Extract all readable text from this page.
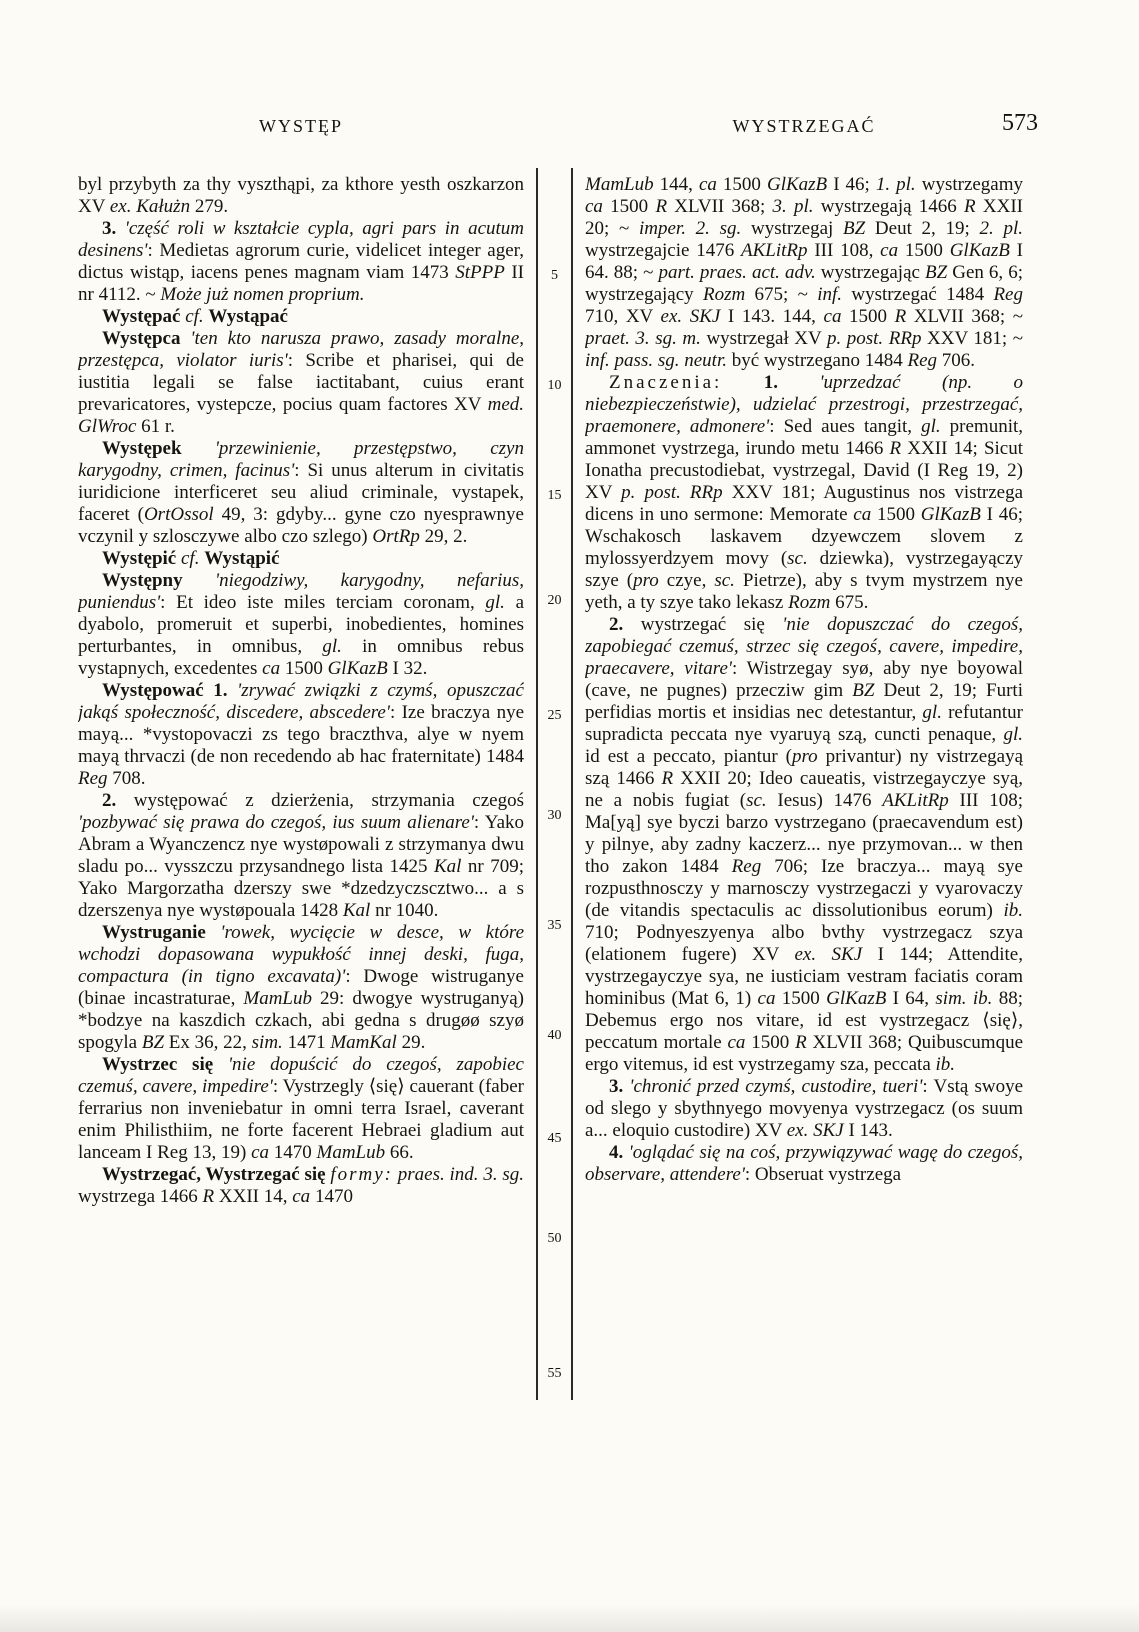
WYSTĘP	WYSTRZEGAĆ	573

byl przybyth za thy vyszthąpi, za kthore yesth oszkarzon XV ex. Kałużn 279.

3. 'część roli w kształcie cypla, agri pars in acutum desinens': Medietas agrorum curie, videlicet integer ager, dictus wistąp, iacens penes magnam viam 1473 StPPP II nr 4112. ~ Może już nomen proprium.

Występać cf. Wystąpać

Występca 'ten kto narusza prawo, zasady moralne, przestępca, violator iuris': Scribe et pharisei, qui de iustitia legali se false iactitabant, cuius erant prevaricatores, vystepcze, pocius quam factores XV med. GlWroc 61 r.

Występek 'przewinienie, przestępstwo, czyn karygodny, crimen, facinus': Si unus alterum in civitatis iuridicione interficeret seu aliud criminale, vystapek, faceret (OrtOssol 49, 3: gdyby... gyne czo nyesprawnye vczynil y szlosczywe albo czo szlego) OrtRp 29, 2.

Występić cf. Wystąpić

Występny 'niegodziwy, karygodny, nefarius, puniendus': Et ideo iste miles terciam coronam, gl. a dyabolo, promeruit et superbi, inobedientes, homines perturbantes, in omnibus, gl. in omnibus rebus vystapnych, excedentes ca 1500 GlKazB I 32.

Występować 1. 'zrywać związki z czymś, opuszczać jakąś społeczność, discedere, abscedere': Ize braczya nye mayą... *vystopovaczi zs tego braczthva, alye w nyem mayą thrvaczi (de non recedendo ab hac fraternitate) 1484 Reg 708.

2. występować z dzierżenia, strzymania czegoś 'pozbywać się prawa do czegoś, ius suum alienare': Yako Abram a Wyanczencz nye wystøpowali z strzymanya dwu sladu po... vysszczu przysandnego lista 1425 Kal nr 709; Yako Margorzatha dzerszy swe *dzedzyczscztwo... a s dzerszenya nye wystøpouala 1428 Kal nr 1040.

Wystruganie 'rowek, wycięcie w desce, w które wchodzi dopasowana wypukłość innej deski, fuga, compactura (in tigno excavata)': Dwoge wistruganye (binae incastraturae, MamLub 29: dwogye wystruganyą) *bodzye na kaszdich czkach, abi gedna s drugøø szyø spogyla BZ Ex 36, 22, sim. 1471 MamKal 29.

Wystrzec się 'nie dopuścić do czegoś, zapobiec czemuś, cavere, impedire': Vystrzegly ⟨się⟩ cauerant (faber ferrarius non inveniebatur in omni terra Israel, caverant enim Philisthiim, ne forte facerent Hebraei gladium aut lanceam I Reg 13, 19) ca 1470 MamLub 66.

Wystrzegać, Wystrzegać się formy: praes. ind. 3. sg. wystrzega 1466 R XXII 14, ca 1470

5
10
15
20
25
30
35
40
45
50
55

MamLub 144, ca 1500 GlKazB I 46; 1. pl. wystrzegamy ca 1500 R XLVII 368; 3. pl. wystrzegają 1466 R XXII 20; ~ imper. 2. sg. wystrzegaj BZ Deut 2, 19; 2. pl. wystrzegajcie 1476 AKLitRp III 108, ca 1500 GlKazB I 64. 88; ~ part. praes. act. adv. wystrzegając BZ Gen 6, 6; wystrzegający Rozm 675; ~ inf. wystrzegać 1484 Reg 710, XV ex. SKJ I 143. 144, ca 1500 R XLVII 368; ~ praet. 3. sg. m. wystrzegał XV p. post. RRp XXV 181; ~ inf. pass. sg. neutr. być wystrzegano 1484 Reg 706.

Znaczenia: 1. 'uprzedzać (np. o niebezpieczeństwie), udzielać przestrogi, przestrzegać, praemonere, admonere': Sed aues tangit, gl. premunit, ammonet vystrzega, irundo metu 1466 R XXII 14; Sicut Ionatha precustodiebat, vystrzegal, David (I Reg 19, 2) XV p. post. RRp XXV 181; Augustinus nos vistrzega dicens in uno sermone: Memorate ca 1500 GlKazB I 46; Wschakosch laskavem dzyewczem slovem z mylossyerdzyem movy (sc. dziewka), vystrzegayączy szye (pro czye, sc. Pietrze), aby s tvym mystrzem nye yeth, a ty szye tako lekasz Rozm 675.

2. wystrzegać się 'nie dopuszczać do czegoś, zapobiegać czemuś, strzec się czegoś, cavere, impedire, praecavere, vitare': Wistrzegay syø, aby nye boyowal (cave, ne pugnes) przecziw gim BZ Deut 2, 19; Furti perfidias mortis et insidias nec detestantur, gl. refutantur supradicta peccata nye vyaruyą szą, cuncti penaque, gl. id est a peccato, piantur (pro privantur) ny vistrzegayą szą 1466 R XXII 20; Ideo caueatis, vistrzegayczye syą, ne a nobis fugiat (sc. Iesus) 1476 AKLitRp III 108; Ma[yą] sye byczi barzo vystrzegano (praecavendum est) y pilnye, aby zadny kaczerz... nye przymovan... w then tho zakon 1484 Reg 706; Ize braczya... mayą sye rozpusthnosczy y marnosczy vystrzegaczi y vyarovaczy (de vitandis spectaculis ac dissolutionibus eorum) ib. 710; Podnyeszyenya albo bvthy vystrzegacz szya (elationem fugere) XV ex. SKJ I 144; Attendite, vystrzegayczye sya, ne iusticiam vestram faciatis coram hominibus (Mat 6, 1) ca 1500 GlKazB I 64, sim. ib. 88; Debemus ergo nos vitare, id est vystrzegacz ⟨się⟩, peccatum mortale ca 1500 R XLVII 368; Quibuscumque ergo vitemus, id est vystrzegamy sza, peccata ib.

3. 'chronić przed czymś, custodire, tueri': Vstą swoye od slego y sbythnyego movyenya vystrzegacz (os suum a... eloquio custodire) XV ex. SKJ I 143.

4. 'oglądać się na coś, przywiązywać wagę do czegoś, observare, attendere': Obseruat vystrzega
